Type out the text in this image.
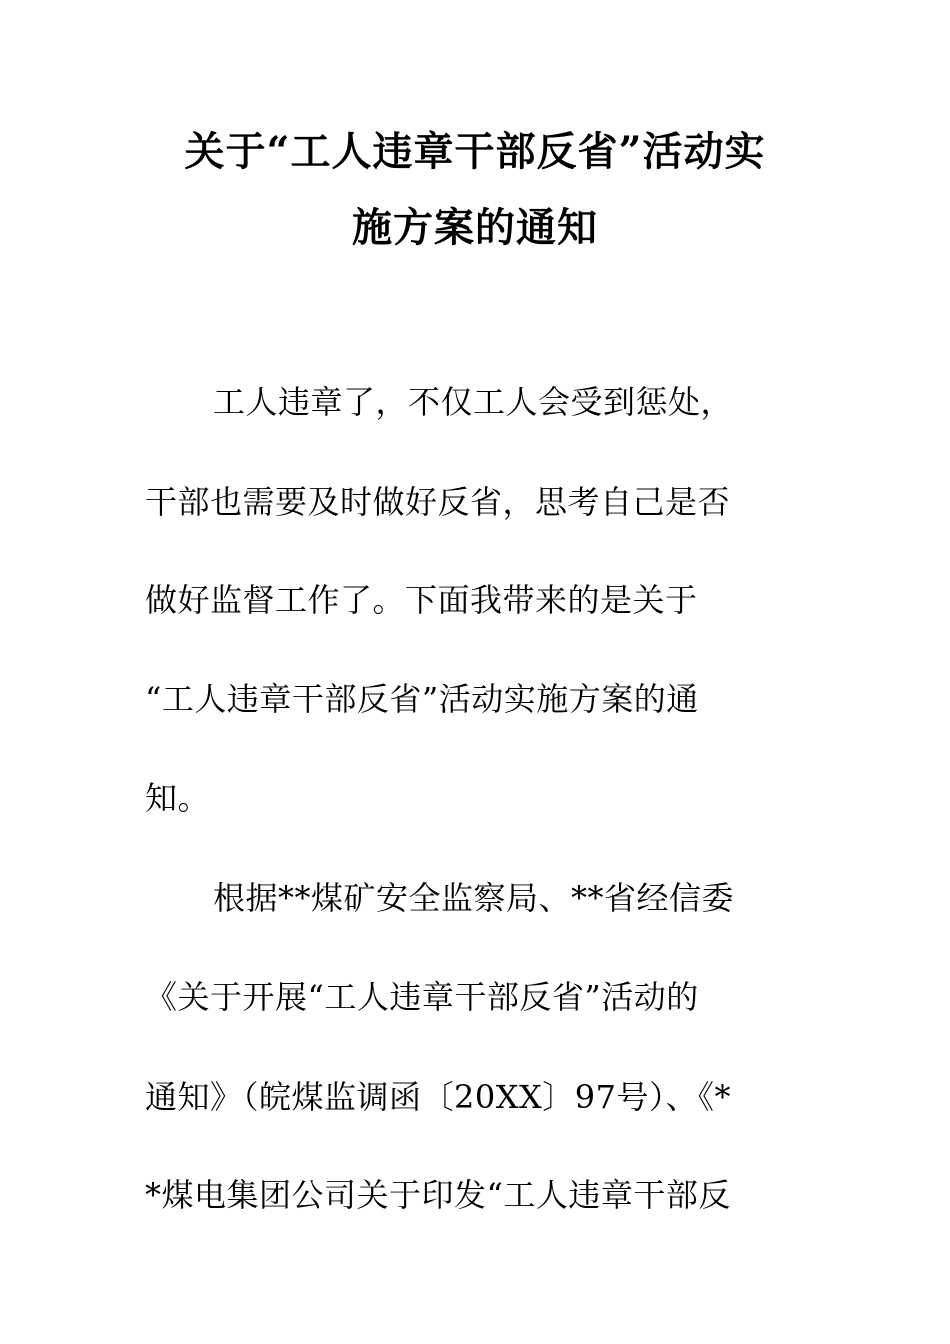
关于“工人违章干部反省”活动实
施方案的通知
工人违章了，不仅工人会受到惩处，
干部也需要及时做好反省，思考自己是否
做好监督工作了。下面我带来的是关于
“工人违章干部反省”活动实施方案的通
知。
根据**煤矿安全监察局、**省经信委
《关于开展“工人违章干部反省”活动的
通知》（皖煤监调函〔20XX〕97号）、《*
*煤电集团公司关于印发“工人违章干部反
